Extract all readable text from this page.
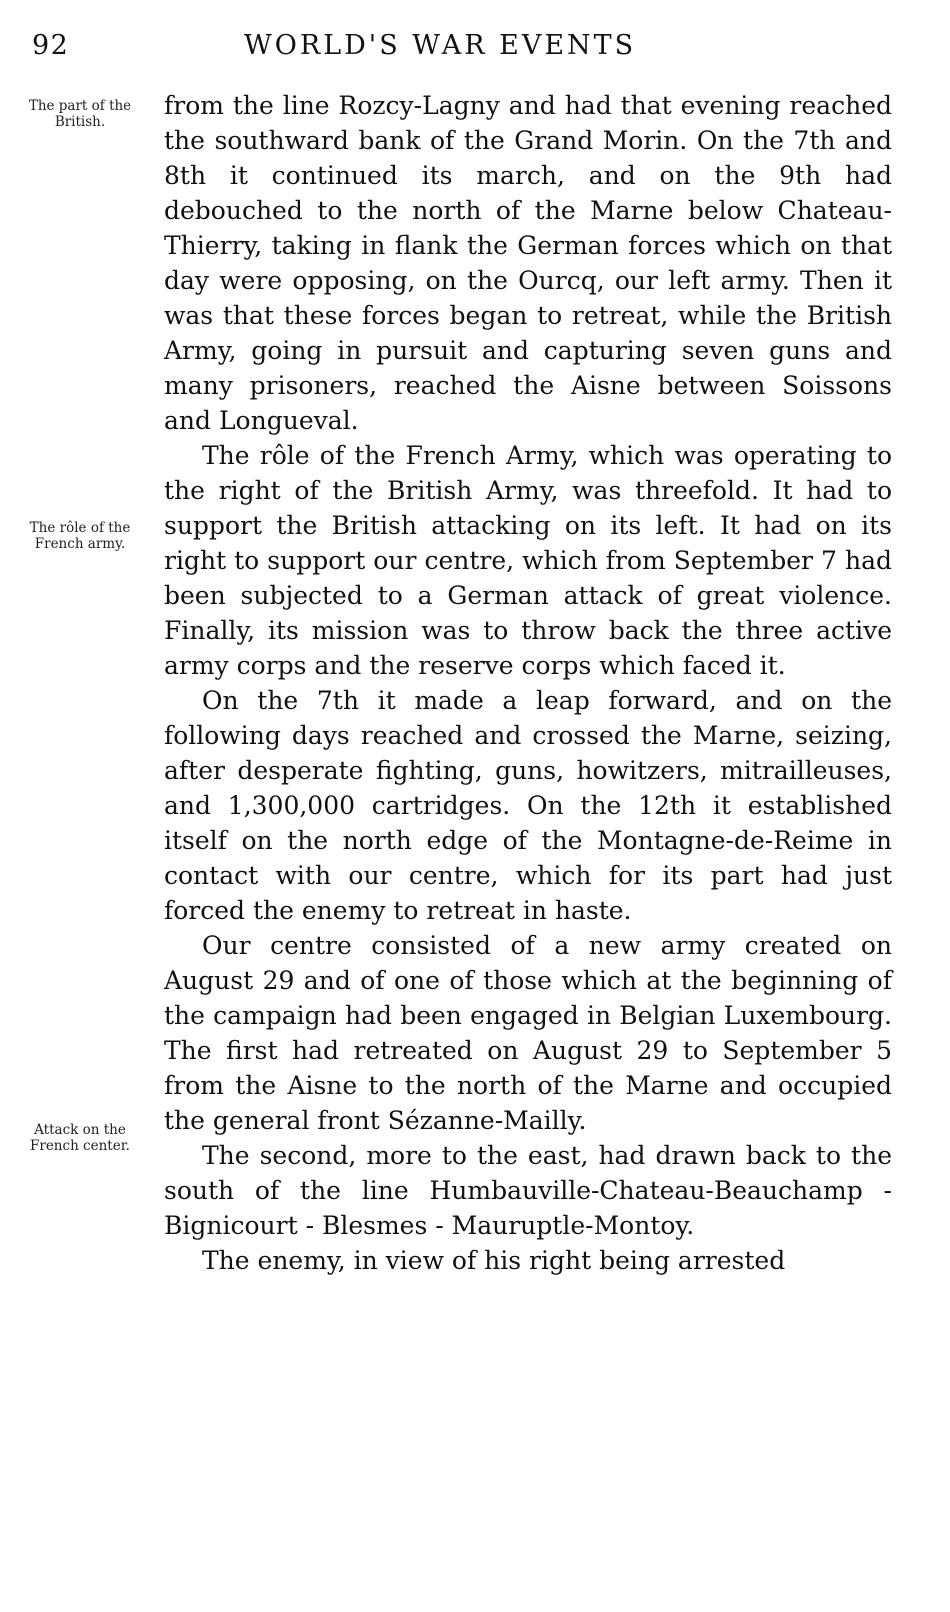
92	WORLD'S WAR EVENTS
The part of the British.
The rôle of the French army.
Attack on the French center.

from the line Rozcy-Lagny and had that evening reached the southward bank of the Grand Morin. On the 7th and 8th it continued its march, and on the 9th had debouched to the north of the Marne below Chateau-Thierry, taking in flank the German forces which on that day were opposing, on the Ourcq, our left army. Then it was that these forces began to retreat, while the British Army, going in pursuit and capturing seven guns and many prisoners, reached the Aisne between Soissons and Longueval.

The rôle of the French Army, which was operating to the right of the British Army, was threefold. It had to support the British attacking on its left. It had on its right to support our centre, which from September 7 had been subjected to a German attack of great violence. Finally, its mission was to throw back the three active army corps and the reserve corps which faced it.

On the 7th it made a leap forward, and on the following days reached and crossed the Marne, seizing, after desperate fighting, guns, howitzers, mitrailleuses, and 1,300,000 cartridges. On the 12th it established itself on the north edge of the Montagne-de-Reime in contact with our centre, which for its part had just forced the enemy to retreat in haste.

Our centre consisted of a new army created on August 29 and of one of those which at the beginning of the campaign had been engaged in Belgian Luxembourg. The first had retreated on August 29 to September 5 from the Aisne to the north of the Marne and occupied the general front Sézanne-Mailly.

The second, more to the east, had drawn back to the south of the line Humbauville-Chateau-Beauchamp - Bignicourt - Blesmes - Mauruptle-Montoy.

The enemy, in view of his right being arrested
